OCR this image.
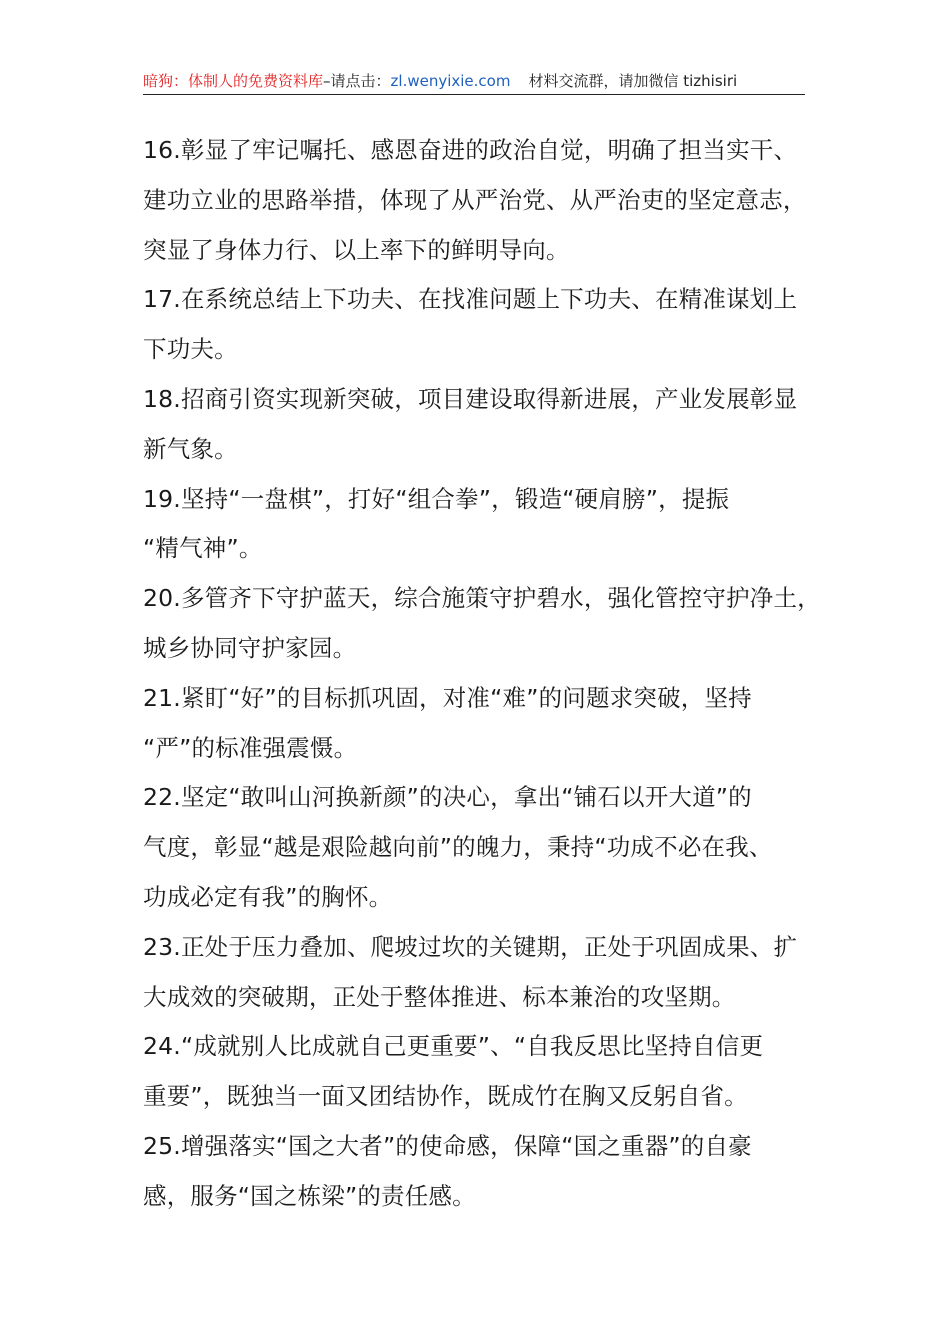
暗狗：体制人的免费资料库–请点击：zl.wenyixie.com 材料交流群，请加微信 tizhisiri

16.彰显了牢记嘱托、感恩奋进的政治自觉，明确了担当实干、
建功立业的思路举措，体现了从严治党、从严治吏的坚定意志，
突显了身体力行、以上率下的鲜明导向。

17.在系统总结上下功夫、在找准问题上下功夫、在精准谋划上
下功夫。

18.招商引资实现新突破，项目建设取得新进展，产业发展彰显
新气象。

19.坚持“一盘棋”，打好“组合拳”，锻造“硬肩膀”，提振
“精气神”。

20.多管齐下守护蓝天，综合施策守护碧水，强化管控守护净土，
城乡协同守护家园。

21.紧盯“好”的目标抓巩固，对准“难”的问题求突破，坚持
“严”的标准强震慑。

22.坚定“敢叫山河换新颜”的决心，拿出“铺石以开大道”的
气度，彰显“越是艰险越向前”的魄力，秉持“功成不必在我、
功成必定有我”的胸怀。

23.正处于压力叠加、爬坡过坎的关键期，正处于巩固成果、扩
大成效的突破期，正处于整体推进、标本兼治的攻坚期。

24.“成就别人比成就自己更重要”、“自我反思比坚持自信更
重要”，既独当一面又团结协作，既成竹在胸又反躬自省。

25.增强落实“国之大者”的使命感，保障“国之重器”的自豪
感，服务“国之栋梁”的责任感。
